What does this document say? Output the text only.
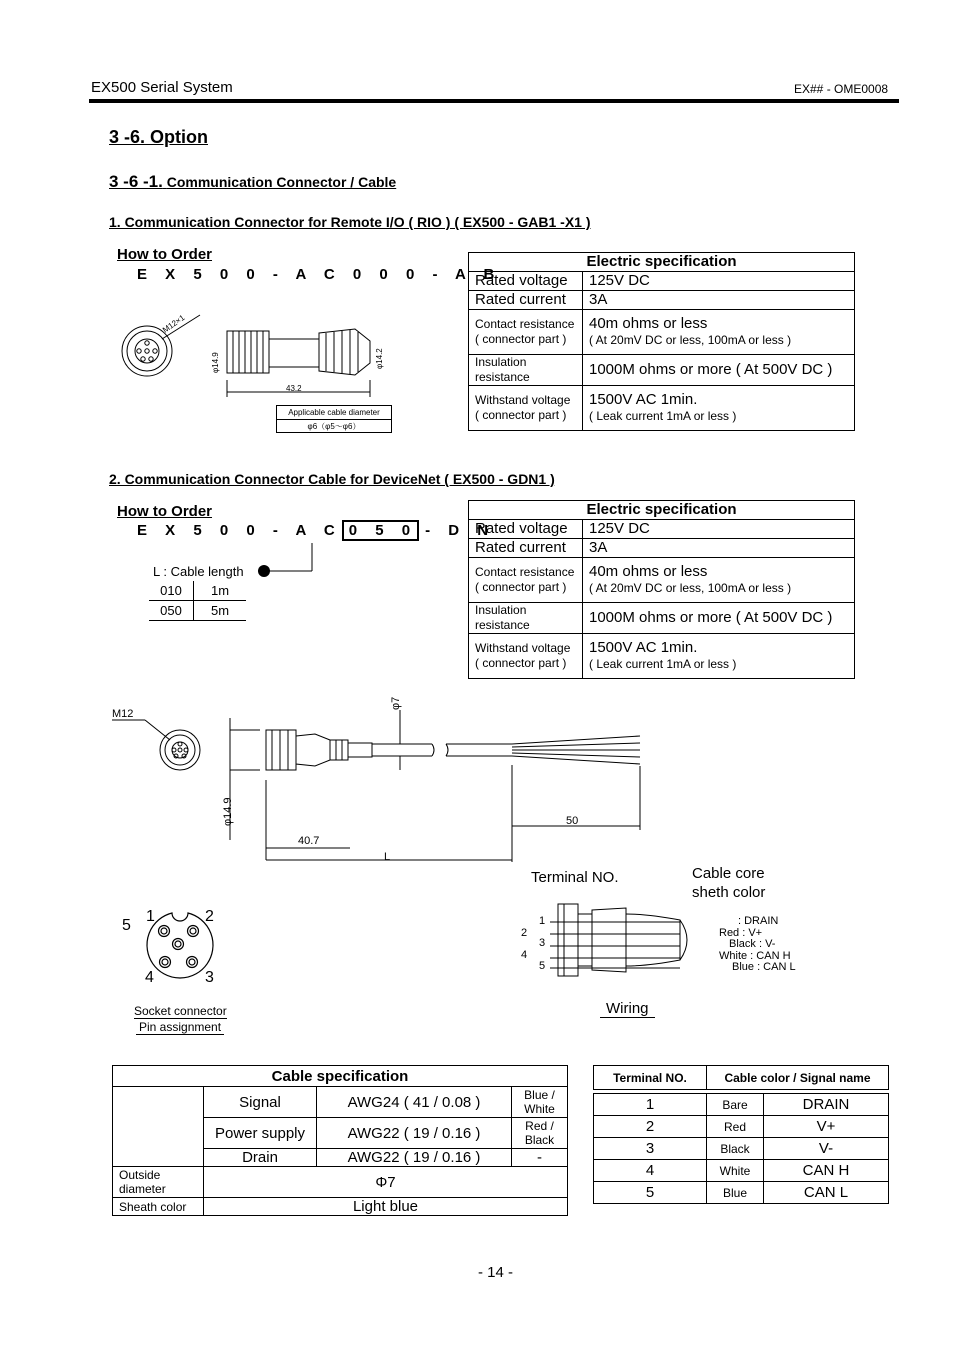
EX500 Serial System	EX## - OME0008
3 -6. Option
3 -6 -1. Communication Connector / Cable
1. Communication Connector for Remote I/O ( RIO ) ( EX500 - GAB1 -X1 )
How to Order
E X 5 0 0 - A C 0 0 0 - A B
M12×1
φ14.9	φ14.2
43.2
Applicable cable diameter
φ6（φ5～φ6）
Electric specification	
Rated voltage	125V DC
Rated current	3A
Contact resistance ( connector part )	40m ohms or less
( At 20mV DC or less, 100mA or less )

Insulation resistance	1000M ohms or more ( At 500V DC )
Withstand voltage ( connector part )	1500V AC 1min.
( Leak current 1mA or less )
2. Communication Connector Cable for DeviceNet ( EX500 - GDN1 )
How to Order
E X 5 0 0 - A C 0 5 0 - D N
L : Cable length
010	1m
050	5m
Electric specification	
Rated voltage	125V DC
Rated current	3A
Contact resistance ( connector part )	40m ohms or less
( At 20mV DC or less, 100mA or less )

Insulation resistance	1000M ohms or more ( At 500V DC )
Withstand voltage ( connector part )	1500V AC 1min.
( Leak current 1mA or less )
M12
φ7
φ14.9
40.7
50
L
1	2
3
4
5
Socket connector
Pin assignment
Terminal NO.	Cable core
sheth color
1
2
3
4
5
: DRAIN
Red : V+
Black : V-
White : CAN H
Blue : CAN L
Wiring
Cable specification			
	Signal	AWG24 ( 41 / 0.08 )	Blue / White
	Power supply	AWG22 ( 19 / 0.16 )	Red / Black
	Drain	AWG22 ( 19 / 0.16 )	-
Outside diameter	Φ7		
Sheath color	Light blue		
Terminal NO.	Cable color / Signal name	

1	Bare	DRAIN
2	Red	V+
3	Black	V-
4	White	CAN H
5	Blue	CAN L
- 14 -
